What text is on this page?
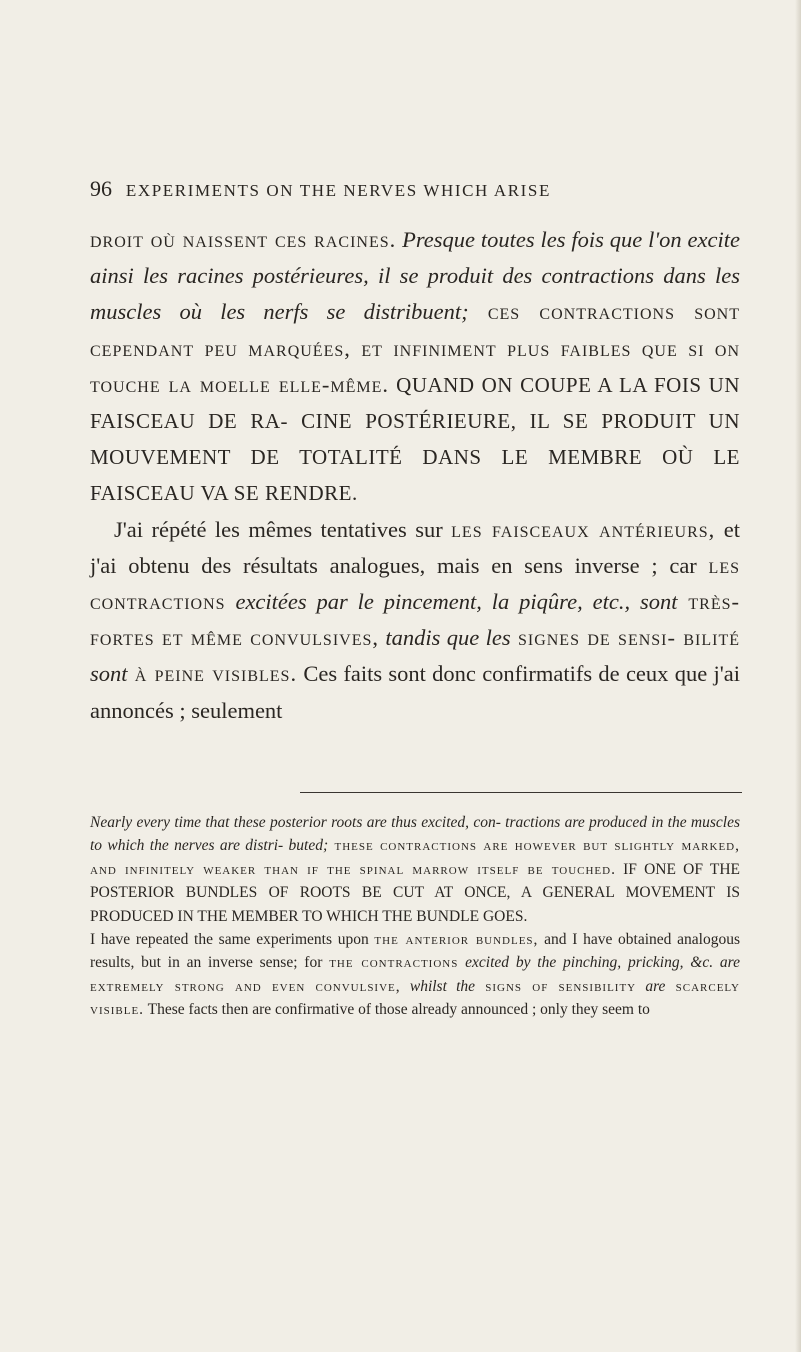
96 EXPERIMENTS ON THE NERVES WHICH ARISE

droit où naissent ces racines. Presque toutes les fois que l'on excite ainsi les racines postérieures, il se produit des contractions dans les muscles où les nerfs se distribuent; ces contractions sont cependant peu marquées, et infiniment plus faibles que si on touche la moelle elle-même. QUAND ON COUPE A LA FOIS UN FAISCEAU DE RA- CINE POSTÉRIEURE, IL SE PRODUIT UN MOUVEMENT DE TOTALITÉ DANS LE MEMBRE OÙ LE FAISCEAU VA SE RENDRE.

J'ai répété les mêmes tentatives sur les faisceaux antérieurs, et j'ai obtenu des résultats analogues, mais en sens inverse ; car les contractions excitées par le pincement, la piqûre, etc., sont très-fortes et même convulsives, tandis que les signes de sensi- bilité sont à peine visibles. Ces faits sont donc confirmatifs de ceux que j'ai annoncés ; seulement

Nearly every time that these posterior roots are thus excited, con- tractions are produced in the muscles to which the nerves are distri- buted; these contractions are however but slightly marked, and infinitely weaker than if the spinal marrow itself be touched. IF ONE OF THE POSTERIOR BUNDLES OF ROOTS BE CUT AT ONCE, A GENERAL MOVEMENT IS PRODUCED IN THE MEMBER TO WHICH THE BUNDLE GOES.

I have repeated the same experiments upon the anterior bundles, and I have obtained analogous results, but in an inverse sense; for the contractions excited by the pinching, pricking, &c. are extremely strong and even convulsive, whilst the signs of sensibility are scarcely visible. These facts then are confirmative of those already announced ; only they seem to
